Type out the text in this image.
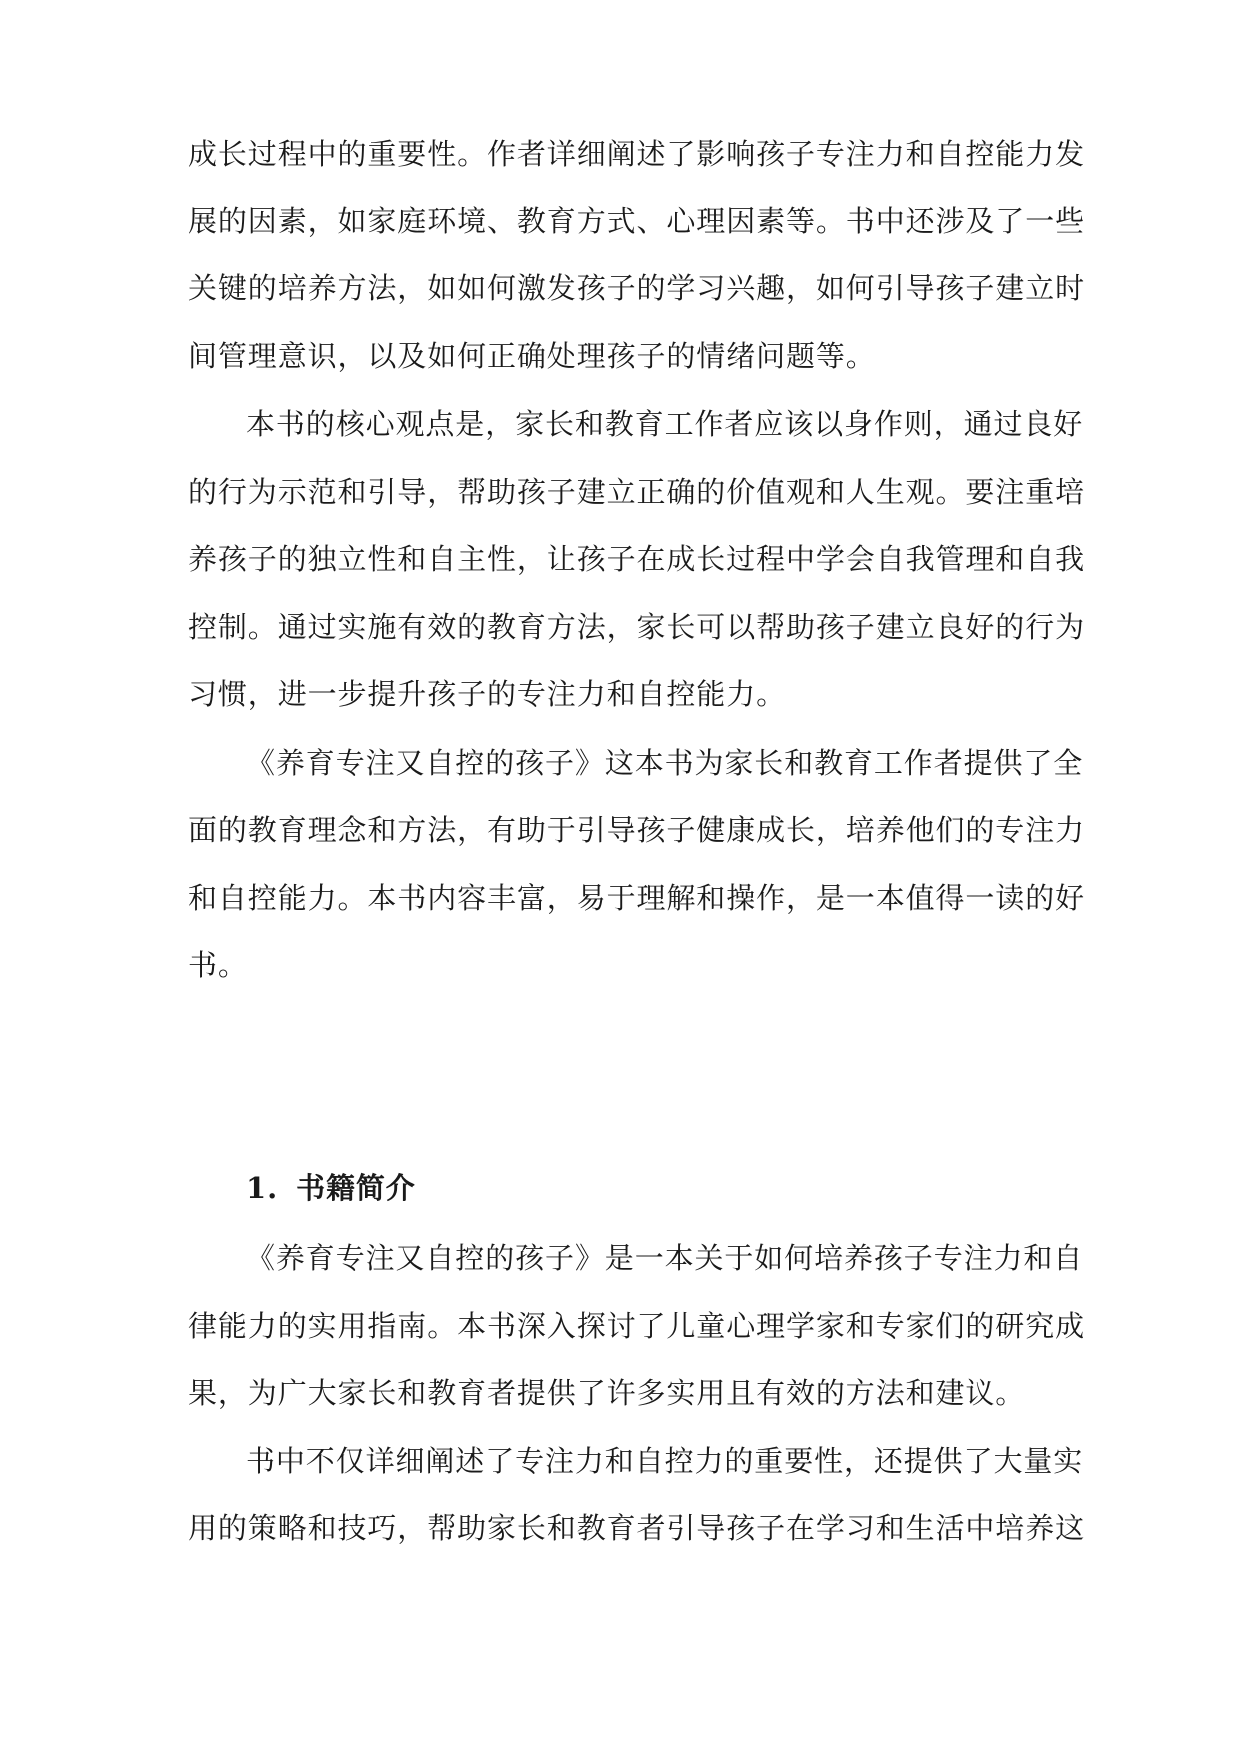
成长过程中的重要性。作者详细阐述了影响孩子专注力和自控能力发
展的因素，如家庭环境、教育方式、心理因素等。书中还涉及了一些
关键的培养方法，如如何激发孩子的学习兴趣，如何引导孩子建立时
间管理意识，以及如何正确处理孩子的情绪问题等。
本书的核心观点是，家长和教育工作者应该以身作则，通过良好
的行为示范和引导，帮助孩子建立正确的价值观和人生观。要注重培
养孩子的独立性和自主性，让孩子在成长过程中学会自我管理和自我
控制。通过实施有效的教育方法，家长可以帮助孩子建立良好的行为
习惯，进一步提升孩子的专注力和自控能力。
《养育专注又自控的孩子》这本书为家长和教育工作者提供了全
面的教育理念和方法，有助于引导孩子健康成长，培养他们的专注力
和自控能力。本书内容丰富，易于理解和操作，是一本值得一读的好
书。
1. 书籍简介
《养育专注又自控的孩子》是一本关于如何培养孩子专注力和自
律能力的实用指南。本书深入探讨了儿童心理学家和专家们的研究成
果，为广大家长和教育者提供了许多实用且有效的方法和建议。
书中不仅详细阐述了专注力和自控力的重要性，还提供了大量实
用的策略和技巧，帮助家长和教育者引导孩子在学习和生活中培养这
